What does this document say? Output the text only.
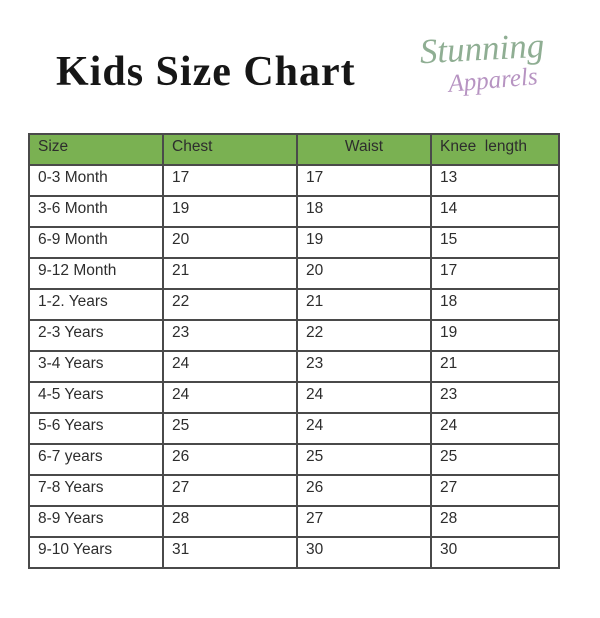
Kids Size Chart
Stunning
Apparels
Size	Chest	Waist	Knee  length
0-3 Month	17	17	13
3-6 Month	19	18	14
6-9 Month	20	19	15
9-12 Month	21	20	17
1-2. Years	22	21	18
2-3 Years	23	22	19
3-4 Years	24	23	21
4-5 Years	24	24	23
5-6 Years	25	24	24
6-7 years	26	25	25
7-8 Years	27	26	27
8-9 Years	28	27	28
9-10 Years	31	30	30
